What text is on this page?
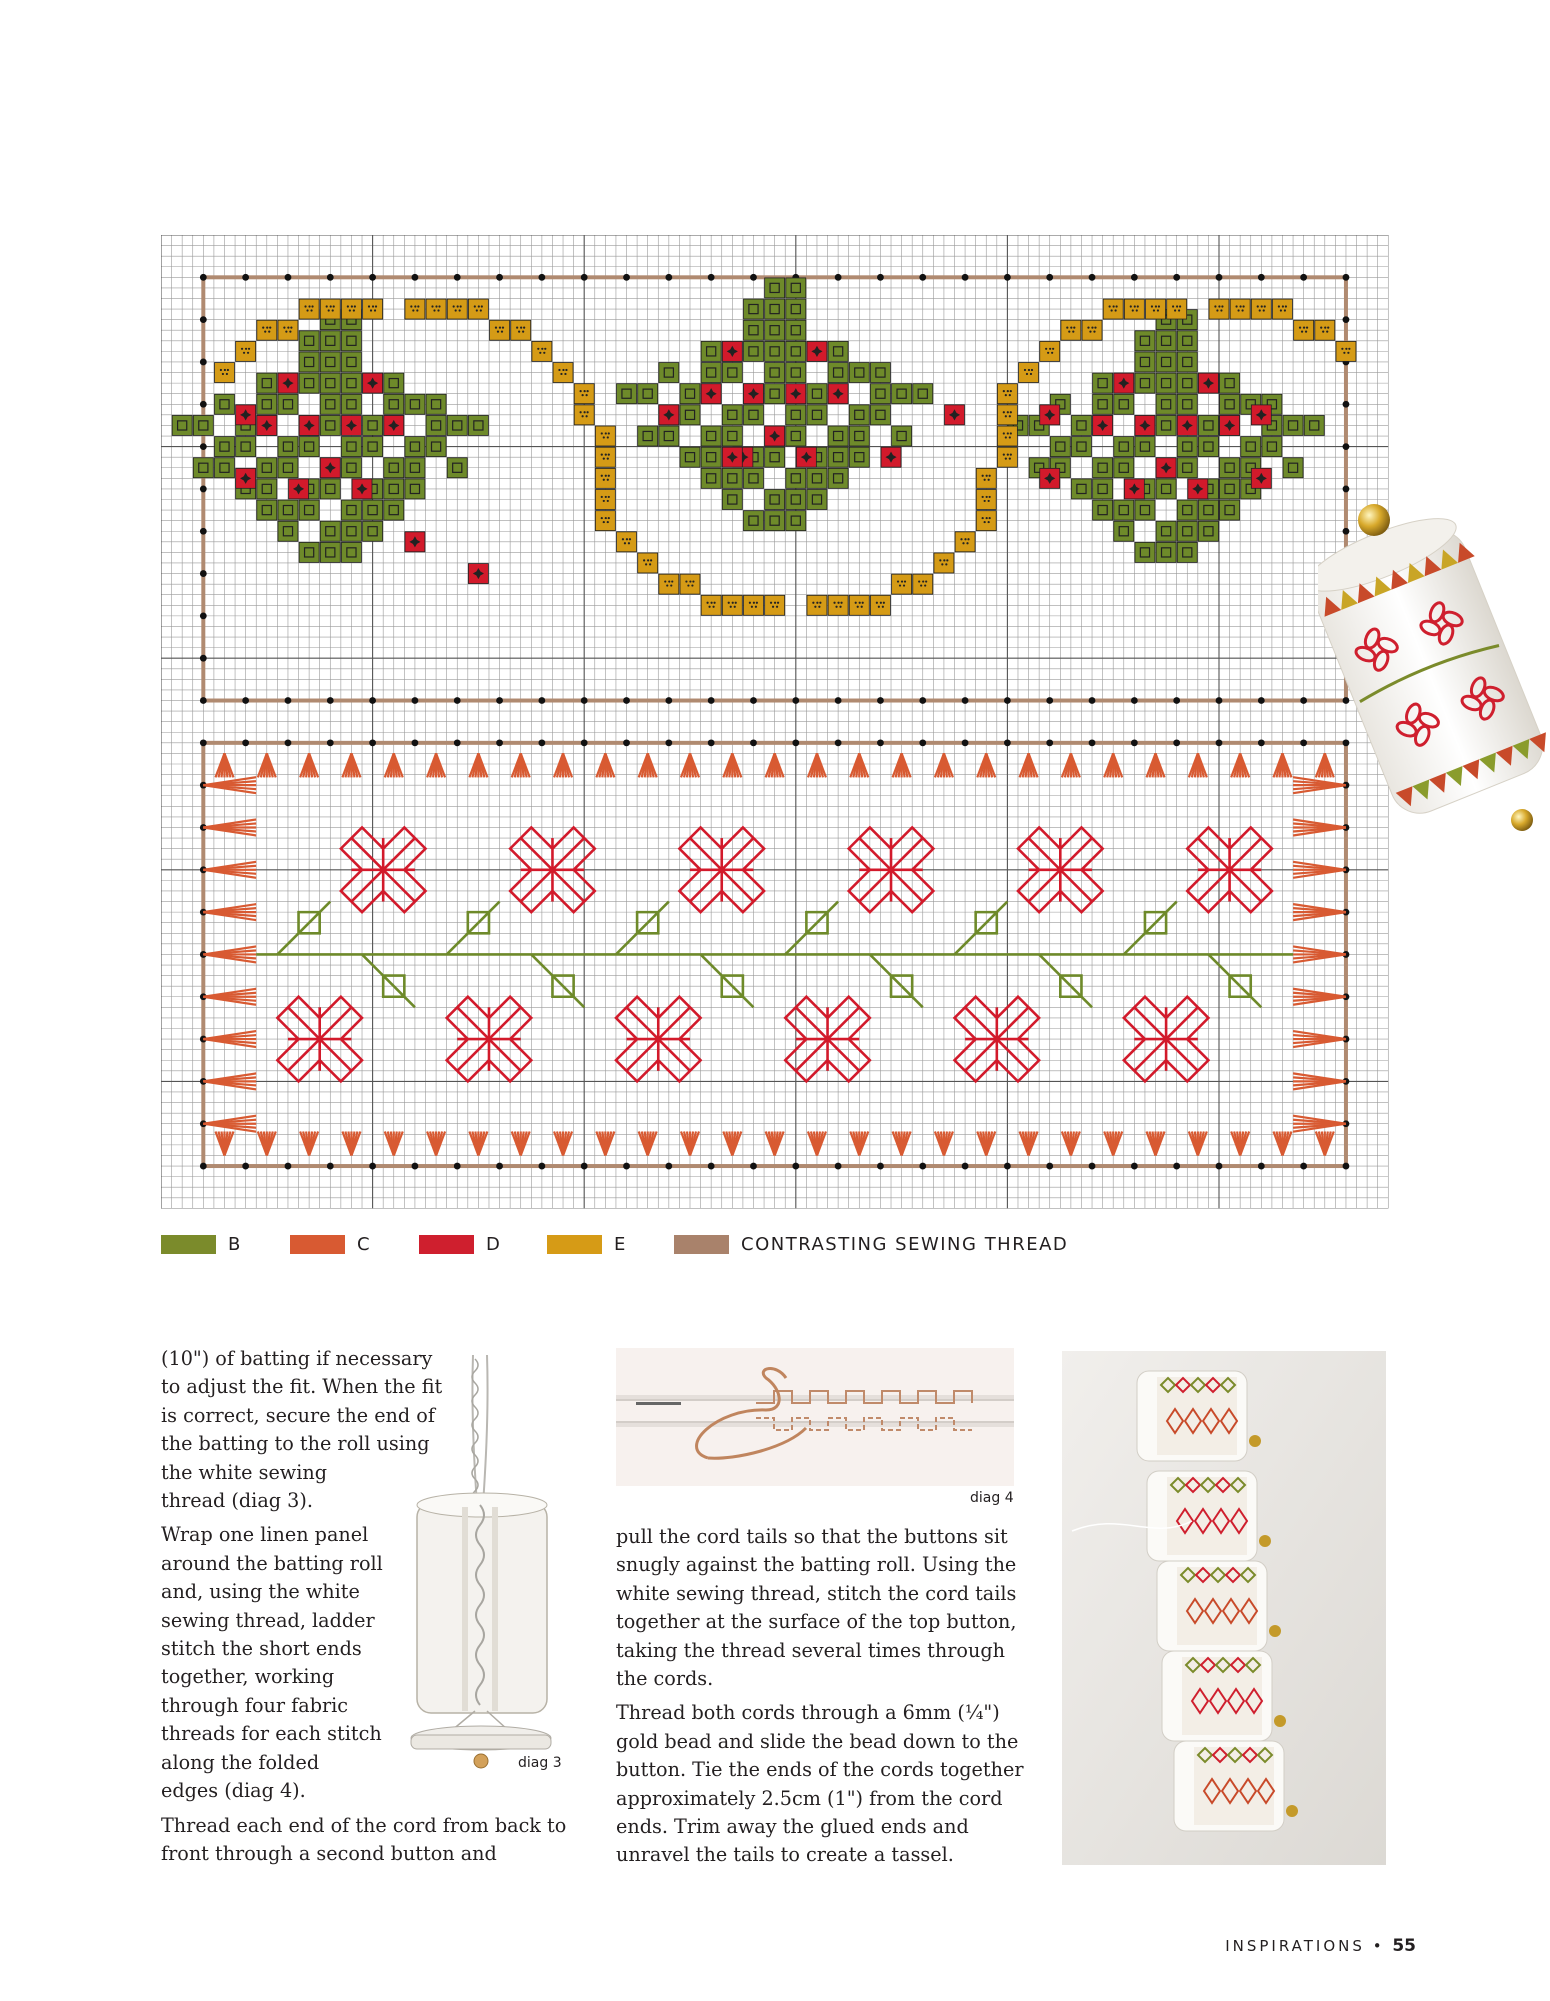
B	C	D	E	CONTRASTING SEWING THREAD

(10") of batting if necessary
to adjust the fit. When the fit
is correct, secure the end of
the batting to the roll using
the white sewing
thread (diag 3).

Wrap one linen panel
around the batting roll
and, using the white
sewing thread, ladder
stitch the short ends
together, working
through four fabric
threads for each stitch
along the folded
edges (diag 4).

Thread each end of the cord from back to
front through a second button and

diag 3
diag 4

pull the cord tails so that the buttons sit
snugly against the batting roll. Using the
white sewing thread, stitch the cord tails
together at the surface of the top button,
taking the thread several times through
the cords.

Thread both cords through a 6mm (¼")
gold bead and slide the bead down to the
button. Tie the ends of the cords together
approximately 2.5cm (1") from the cord
ends. Trim away the glued ends and
unravel the tails to create a tassel.

INSPIRATIONS • 55
